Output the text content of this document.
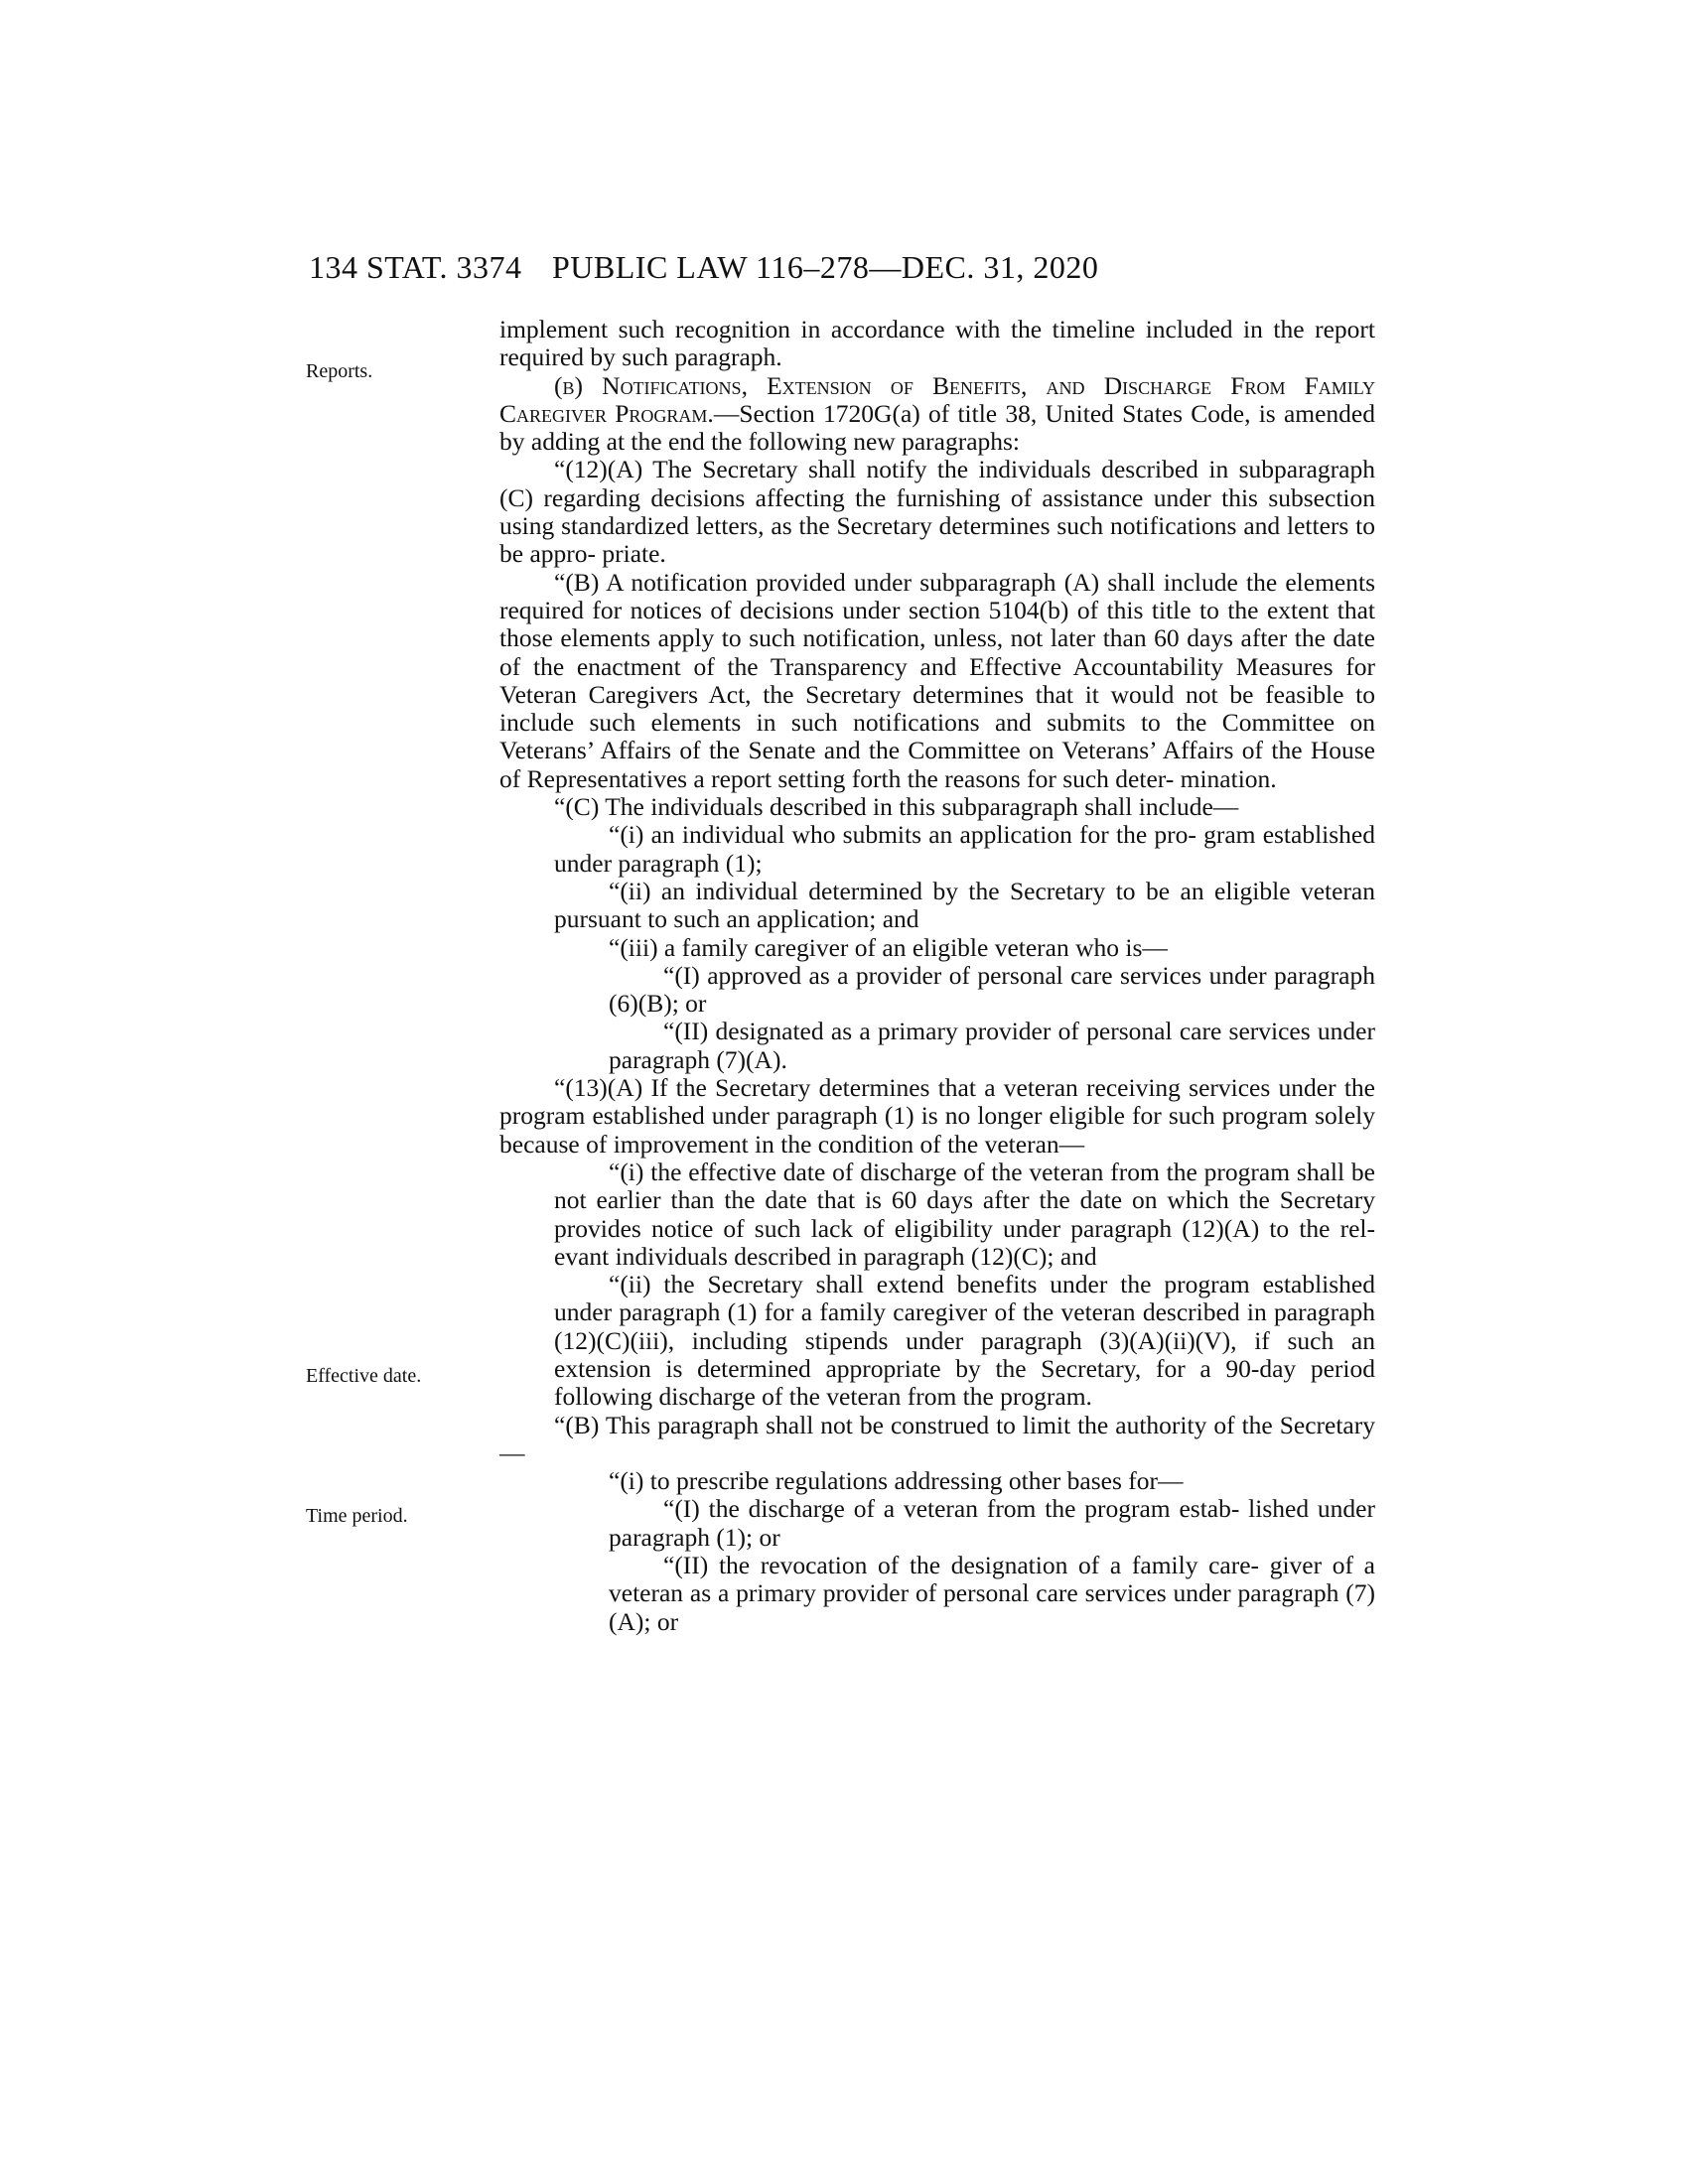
134 STAT. 3374 PUBLIC LAW 116–278—DEC. 31, 2020
Reports.
Effective date.
Time period.

implement such recognition in accordance with the timeline included in the report required by such paragraph.

(b) Notifications, Extension of Benefits, and Discharge From Family Caregiver Program.—Section 1720G(a) of title 38, United States Code, is amended by adding at the end the following new paragraphs:

“(12)(A) The Secretary shall notify the individuals described in subparagraph (C) regarding decisions affecting the furnishing of assistance under this subsection using standardized letters, as the Secretary determines such notifications and letters to be appro- priate.

“(B) A notification provided under subparagraph (A) shall include the elements required for notices of decisions under section 5104(b) of this title to the extent that those elements apply to such notification, unless, not later than 60 days after the date of the enactment of the Transparency and Effective Accountability Measures for Veteran Caregivers Act, the Secretary determines that it would not be feasible to include such elements in such notifications and submits to the Committee on Veterans’ Affairs of the Senate and the Committee on Veterans’ Affairs of the House of Representatives a report setting forth the reasons for such deter- mination.

“(C) The individuals described in this subparagraph shall include—

“(i) an individual who submits an application for the pro- gram established under paragraph (1);

“(ii) an individual determined by the Secretary to be an eligible veteran pursuant to such an application; and

“(iii) a family caregiver of an eligible veteran who is—

“(I) approved as a provider of personal care services under paragraph (6)(B); or

“(II) designated as a primary provider of personal care services under paragraph (7)(A).

“(13)(A) If the Secretary determines that a veteran receiving services under the program established under paragraph (1) is no longer eligible for such program solely because of improvement in the condition of the veteran—

“(i) the effective date of discharge of the veteran from the program shall be not earlier than the date that is 60 days after the date on which the Secretary provides notice of such lack of eligibility under paragraph (12)(A) to the rel- evant individuals described in paragraph (12)(C); and

“(ii) the Secretary shall extend benefits under the program established under paragraph (1) for a family caregiver of the veteran described in paragraph (12)(C)(iii), including stipends under paragraph (3)(A)(ii)(V), if such an extension is determined appropriate by the Secretary, for a 90-day period following discharge of the veteran from the program.

“(B) This paragraph shall not be construed to limit the authority of the Secretary—

“(i) to prescribe regulations addressing other bases for—

“(I) the discharge of a veteran from the program estab- lished under paragraph (1); or

“(II) the revocation of the designation of a family care- giver of a veteran as a primary provider of personal care services under paragraph (7)(A); or
